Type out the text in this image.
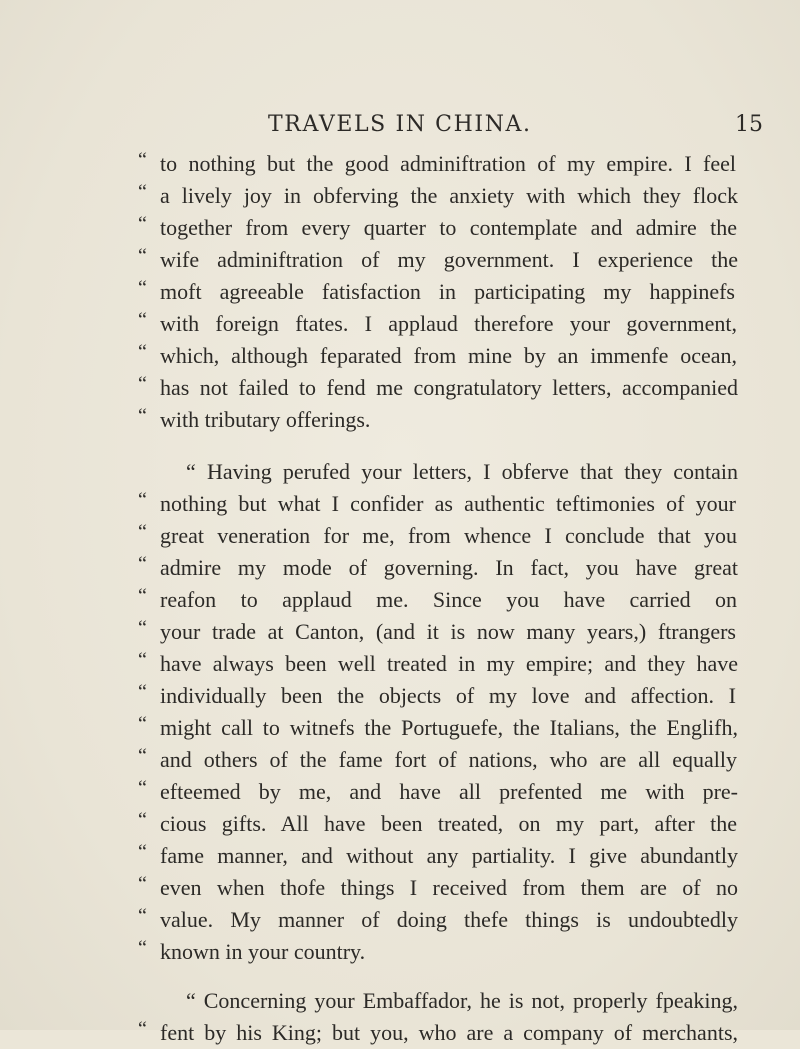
TRAVELS IN CHINA.	15
“ to nothing but the good adminiftration of my empire. I feel
“ a lively joy in obferving the anxiety with which they flock
“ together from every quarter to contemplate and admire the
“ wife adminiftration of my government. I experience the
“ moft agreeable fatisfaction in participating my happinefs
“ with foreign ftates. I applaud therefore your government,
“ which, although feparated from mine by an immenfe ocean,
“ has not failed to fend me congratulatory letters, accompanied
“ with tributary offerings.
“ Having perufed your letters, I obferve that they contain
“ nothing but what I confider as authentic teftimonies of your
“ great veneration for me, from whence I conclude that you
“ admire my mode of governing. In fact, you have great
“ reafon to applaud me. Since you have carried on
“ your trade at Canton, (and it is now many years,) ftrangers
“ have always been well treated in my empire; and they have
“ individually been the objects of my love and affection. I
“ might call to witnefs the Portuguefe, the Italians, the Englifh,
“ and others of the fame fort of nations, who are all equally
“ efteemed by me, and have all prefented me with pre-
“ cious gifts. All have been treated, on my part, after the
“ fame manner, and without any partiality. I give abundantly
“ even when thofe things I received from them are of no
“ value. My manner of doing thefe things is undoubtedly
“ known in your country.
“ Concerning your Embaffador, he is not, properly fpeaking,
“ fent by his King; but you, who are a company of merchants,
